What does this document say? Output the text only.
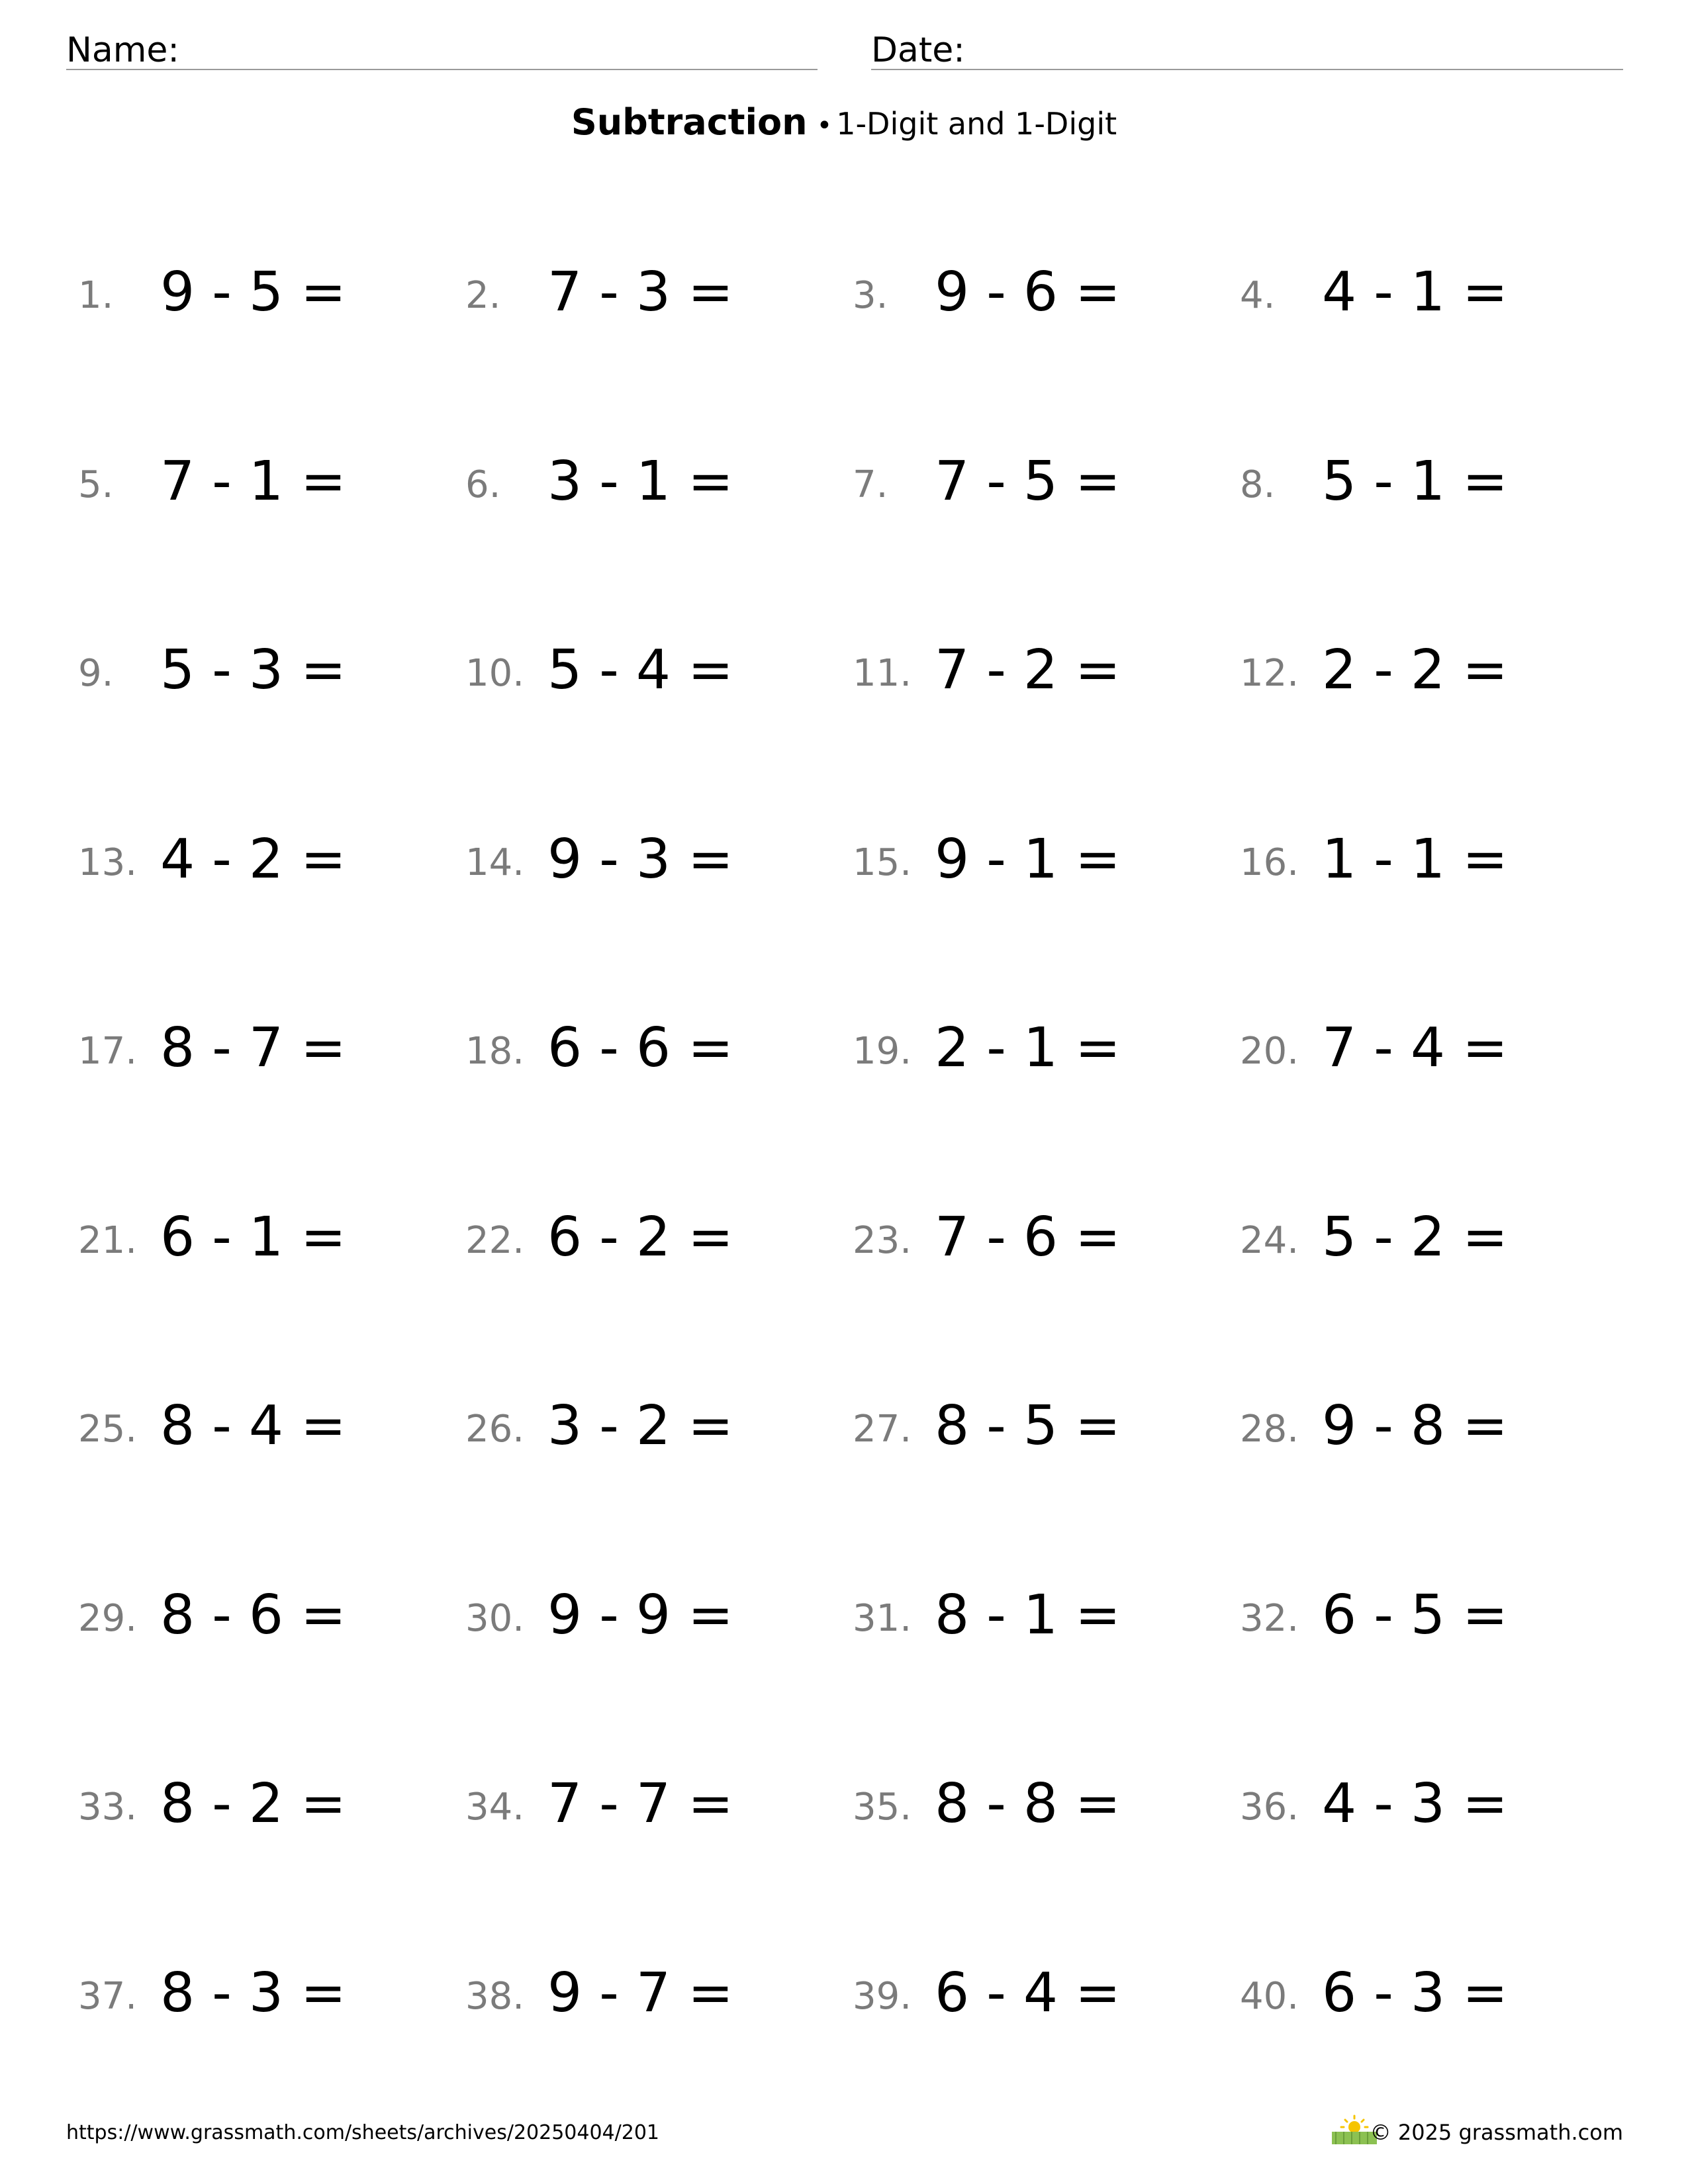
Name:	Date:
Subtraction • 1-Digit and 1-Digit
1. 9 - 5 =	2. 7 - 3 =	3. 9 - 6 =	4. 4 - 1 =
5. 7 - 1 =	6. 3 - 1 =	7. 7 - 5 =	8. 5 - 1 =
9. 5 - 3 =	10. 5 - 4 =	11. 7 - 2 =	12. 2 - 2 =
13. 4 - 2 =	14. 9 - 3 =	15. 9 - 1 =	16. 1 - 1 =
17. 8 - 7 =	18. 6 - 6 =	19. 2 - 1 =	20. 7 - 4 =
21. 6 - 1 =	22. 6 - 2 =	23. 7 - 6 =	24. 5 - 2 =
25. 8 - 4 =	26. 3 - 2 =	27. 8 - 5 =	28. 9 - 8 =
29. 8 - 6 =	30. 9 - 9 =	31. 8 - 1 =	32. 6 - 5 =
33. 8 - 2 =	34. 7 - 7 =	35. 8 - 8 =	36. 4 - 3 =
37. 8 - 3 =	38. 9 - 7 =	39. 6 - 4 =	40. 6 - 3 =
https://www.grassmath.com/sheets/archives/20250404/201	© 2025 grassmath.com
